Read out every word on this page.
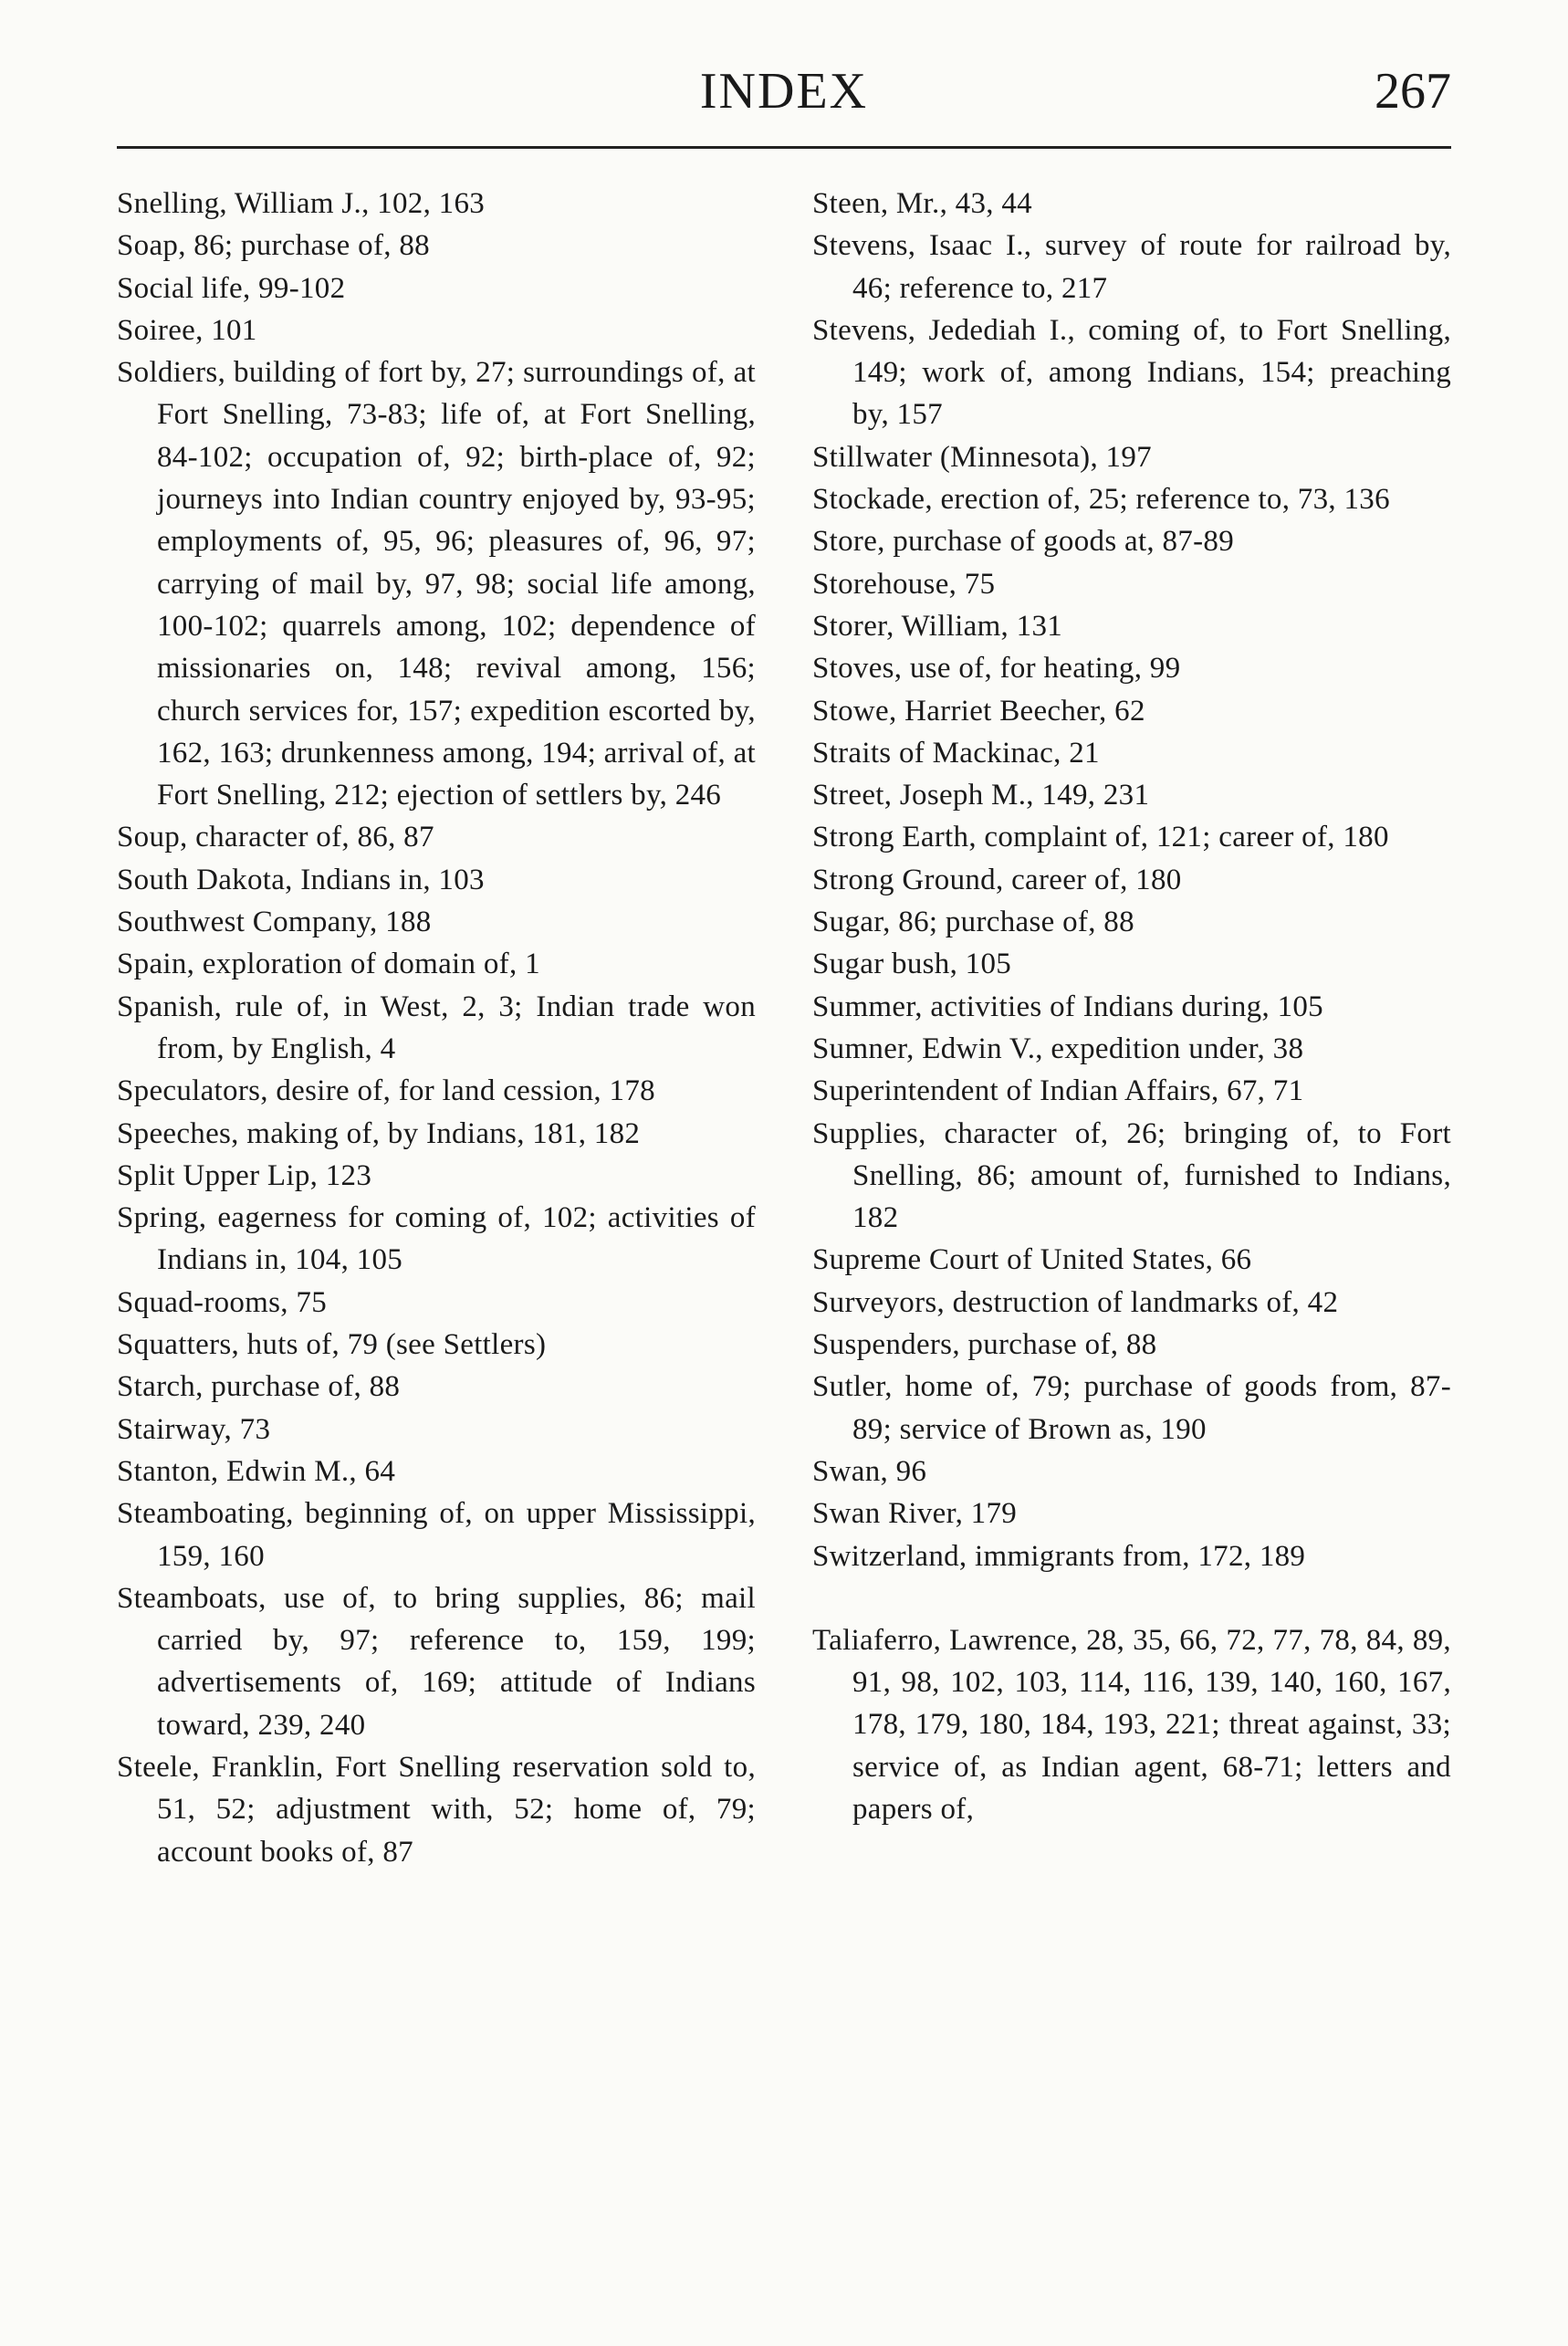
INDEX	267

Snelling, William J., 102, 163

Soap, 86; purchase of, 88

Social life, 99-102

Soiree, 101

Soldiers, building of fort by, 27; surroundings of, at Fort Snelling, 73-83; life of, at Fort Snelling, 84-102; occupation of, 92; birth-place of, 92; journeys into Indian country enjoyed by, 93-95; employments of, 95, 96; pleasures of, 96, 97; carrying of mail by, 97, 98; social life among, 100-102; quarrels among, 102; dependence of missionaries on, 148; revival among, 156; church services for, 157; expedition escorted by, 162, 163; drunkenness among, 194; arrival of, at Fort Snelling, 212; ejection of settlers by, 246

Soup, character of, 86, 87

South Dakota, Indians in, 103

Southwest Company, 188

Spain, exploration of domain of, 1

Spanish, rule of, in West, 2, 3; Indian trade won from, by English, 4

Speculators, desire of, for land cession, 178

Speeches, making of, by Indians, 181, 182

Split Upper Lip, 123

Spring, eagerness for coming of, 102; activities of Indians in, 104, 105

Squad-rooms, 75

Squatters, huts of, 79 (see Settlers)

Starch, purchase of, 88

Stairway, 73

Stanton, Edwin M., 64

Steamboating, beginning of, on upper Mississippi, 159, 160

Steamboats, use of, to bring supplies, 86; mail carried by, 97; reference to, 159, 199; advertisements of, 169; attitude of Indians toward, 239, 240

Steele, Franklin, Fort Snelling reservation sold to, 51, 52; adjustment with, 52; home of, 79; account books of, 87

Steen, Mr., 43, 44

Stevens, Isaac I., survey of route for railroad by, 46; reference to, 217

Stevens, Jedediah I., coming of, to Fort Snelling, 149; work of, among Indians, 154; preaching by, 157

Stillwater (Minnesota), 197

Stockade, erection of, 25; reference to, 73, 136

Store, purchase of goods at, 87-89

Storehouse, 75

Storer, William, 131

Stoves, use of, for heating, 99

Stowe, Harriet Beecher, 62

Straits of Mackinac, 21

Street, Joseph M., 149, 231

Strong Earth, complaint of, 121; career of, 180

Strong Ground, career of, 180

Sugar, 86; purchase of, 88

Sugar bush, 105

Summer, activities of Indians during, 105

Sumner, Edwin V., expedition under, 38

Superintendent of Indian Affairs, 67, 71

Supplies, character of, 26; bringing of, to Fort Snelling, 86; amount of, furnished to Indians, 182

Supreme Court of United States, 66

Surveyors, destruction of landmarks of, 42

Suspenders, purchase of, 88

Sutler, home of, 79; purchase of goods from, 87-89; service of Brown as, 190

Swan, 96

Swan River, 179

Switzerland, immigrants from, 172, 189

Taliaferro, Lawrence, 28, 35, 66, 72, 77, 78, 84, 89, 91, 98, 102, 103, 114, 116, 139, 140, 160, 167, 178, 179, 180, 184, 193, 221; threat against, 33; service of, as Indian agent, 68-71; letters and papers of,
